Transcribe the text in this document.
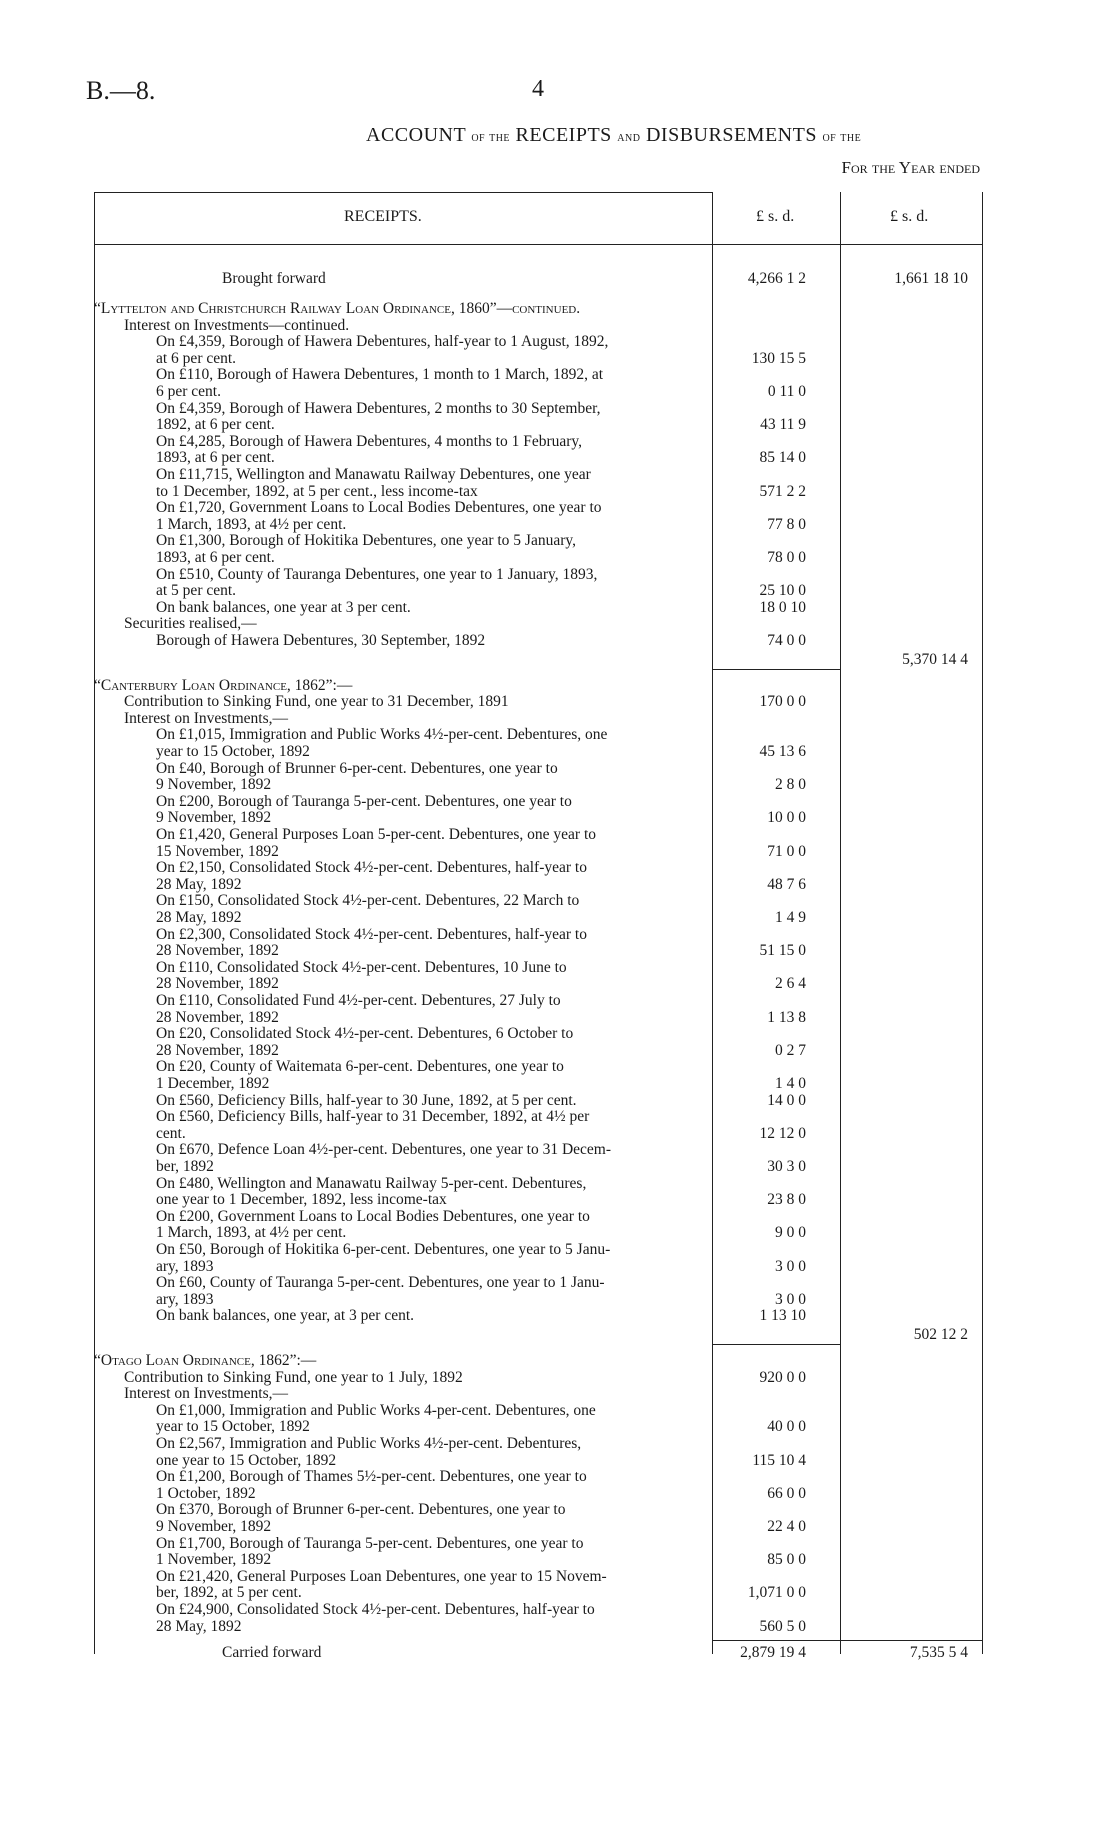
B.—8.	4
ACCOUNT of the RECEIPTS and DISBURSEMENTS of the
For the Year ended
RECEIPTS.	£ s. d.	£ s. d.
Brought forward	4,266 1 2	1,661 18 10
“Lyttelton and Christchurch Railway Loan Ordinance, 1860”—continued.
Interest on Investments—continued.
On £4,359, Borough of Hawera Debentures, half-year to 1 August, 1892,
at 6 per cent.	130 15 5
On £110, Borough of Hawera Debentures, 1 month to 1 March, 1892, at
6 per cent.	0 11 0
On £4,359, Borough of Hawera Debentures, 2 months to 30 September,
1892, at 6 per cent.	43 11 9
On £4,285, Borough of Hawera Debentures, 4 months to 1 February,
1893, at 6 per cent.	85 14 0
On £11,715, Wellington and Manawatu Railway Debentures, one year
to 1 December, 1892, at 5 per cent., less income-tax	571 2 2
On £1,720, Government Loans to Local Bodies Debentures, one year to
1 March, 1893, at 4½ per cent.	77 8 0
On £1,300, Borough of Hokitika Debentures, one year to 5 January,
1893, at 6 per cent.	78 0 0
On £510, County of Tauranga Debentures, one year to 1 January, 1893,
at 5 per cent.	25 10 0
On bank balances, one year at 3 per cent.	18 0 10
Securities realised,—
Borough of Hawera Debentures, 30 September, 1892	74 0 0
5,370 14 4
“Canterbury Loan Ordinance, 1862”:—
Contribution to Sinking Fund, one year to 31 December, 1891	170 0 0
Interest on Investments,—
On £1,015, Immigration and Public Works 4½-per-cent. Debentures, one
year to 15 October, 1892	45 13 6
On £40, Borough of Brunner 6-per-cent. Debentures, one year to
9 November, 1892	2 8 0
On £200, Borough of Tauranga 5-per-cent. Debentures, one year to
9 November, 1892	10 0 0
On £1,420, General Purposes Loan 5-per-cent. Debentures, one year to
15 November, 1892	71 0 0
On £2,150, Consolidated Stock 4½-per-cent. Debentures, half-year to
28 May, 1892	48 7 6
On £150, Consolidated Stock 4½-per-cent. Debentures, 22 March to
28 May, 1892	1 4 9
On £2,300, Consolidated Stock 4½-per-cent. Debentures, half-year to
28 November, 1892	51 15 0
On £110, Consolidated Stock 4½-per-cent. Debentures, 10 June to
28 November, 1892	2 6 4
On £110, Consolidated Fund 4½-per-cent. Debentures, 27 July to
28 November, 1892	1 13 8
On £20, Consolidated Stock 4½-per-cent. Debentures, 6 October to
28 November, 1892	0 2 7
On £20, County of Waitemata 6-per-cent. Debentures, one year to
1 December, 1892	1 4 0
On £560, Deficiency Bills, half-year to 30 June, 1892, at 5 per cent.	14 0 0
On £560, Deficiency Bills, half-year to 31 December, 1892, at 4½ per
cent.	12 12 0
On £670, Defence Loan 4½-per-cent. Debentures, one year to 31 Decem-
ber, 1892	30 3 0
On £480, Wellington and Manawatu Railway 5-per-cent. Debentures,
one year to 1 December, 1892, less income-tax	23 8 0
On £200, Government Loans to Local Bodies Debentures, one year to
1 March, 1893, at 4½ per cent.	9 0 0
On £50, Borough of Hokitika 6-per-cent. Debentures, one year to 5 Janu-
ary, 1893	3 0 0
On £60, County of Tauranga 5-per-cent. Debentures, one year to 1 Janu-
ary, 1893	3 0 0
On bank balances, one year, at 3 per cent.	1 13 10
502 12 2
“Otago Loan Ordinance, 1862”:—
Contribution to Sinking Fund, one year to 1 July, 1892	920 0 0
Interest on Investments,—
On £1,000, Immigration and Public Works 4-per-cent. Debentures, one
year to 15 October, 1892	40 0 0
On £2,567, Immigration and Public Works 4½-per-cent. Debentures,
one year to 15 October, 1892	115 10 4
On £1,200, Borough of Thames 5½-per-cent. Debentures, one year to
1 October, 1892	66 0 0
On £370, Borough of Brunner 6-per-cent. Debentures, one year to
9 November, 1892	22 4 0
On £1,700, Borough of Tauranga 5-per-cent. Debentures, one year to
1 November, 1892	85 0 0
On £21,420, General Purposes Loan Debentures, one year to 15 Novem-
ber, 1892, at 5 per cent.	1,071 0 0
On £24,900, Consolidated Stock 4½-per-cent. Debentures, half-year to
28 May, 1892	560 5 0
Carried forward	2,879 19 4	7,535 5 4
